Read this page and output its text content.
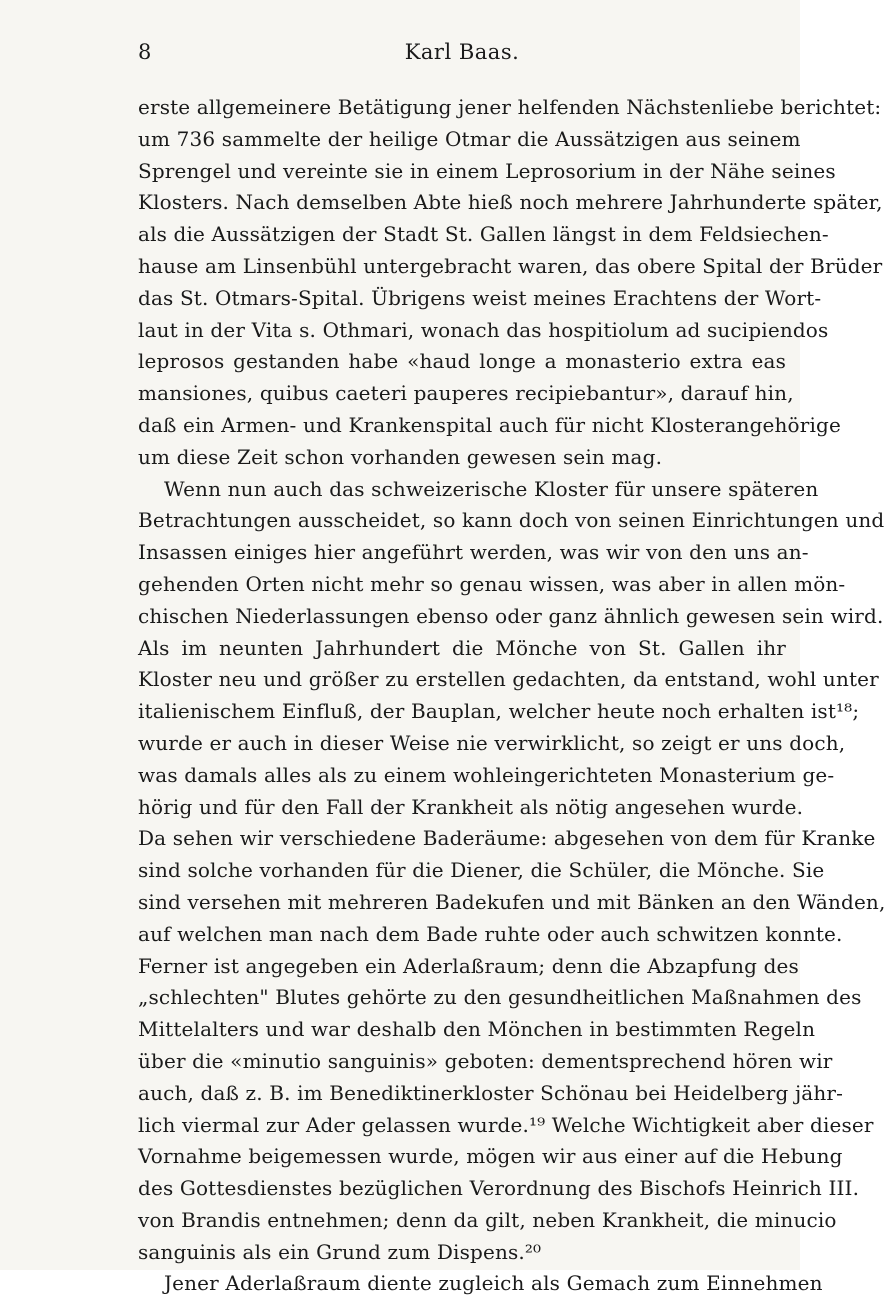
8	Karl Baas.
erste allgemeinere Betätigung jener helfenden Nächstenliebe berichtet:
um 736 sammelte der heilige Otmar die Aussätzigen aus seinem
Sprengel und vereinte sie in einem Leprosorium in der Nähe seines
Klosters. Nach demselben Abte hieß noch mehrere Jahrhunderte später,
als die Aussätzigen der Stadt St. Gallen längst in dem Feldsiechen-
hause am Linsenbühl untergebracht waren, das obere Spital der Brüder
das St. Otmars-Spital. Übrigens weist meines Erachtens der Wort-
laut in der Vita s. Othmari, wonach das hospitiolum ad sucipiendos
leprosos gestanden habe «haud longe a monasterio extra eas
mansiones, quibus caeteri pauperes recipiebantur», darauf hin,
daß ein Armen- und Krankenspital auch für nicht Klosterangehörige
um diese Zeit schon vorhanden gewesen sein mag.
Wenn nun auch das schweizerische Kloster für unsere späteren
Betrachtungen ausscheidet, so kann doch von seinen Einrichtungen und
Insassen einiges hier angeführt werden, was wir von den uns an-
gehenden Orten nicht mehr so genau wissen, was aber in allen mön-
chischen Niederlassungen ebenso oder ganz ähnlich gewesen sein wird.
Als im neunten Jahrhundert die Mönche von St. Gallen ihr
Kloster neu und größer zu erstellen gedachten, da entstand, wohl unter
italienischem Einfluß, der Bauplan, welcher heute noch erhalten ist¹⁸;
wurde er auch in dieser Weise nie verwirklicht, so zeigt er uns doch,
was damals alles als zu einem wohleingerichteten Monasterium ge-
hörig und für den Fall der Krankheit als nötig angesehen wurde.
Da sehen wir verschiedene Baderäume: abgesehen von dem für Kranke
sind solche vorhanden für die Diener, die Schüler, die Mönche. Sie
sind versehen mit mehreren Badekufen und mit Bänken an den Wänden,
auf welchen man nach dem Bade ruhte oder auch schwitzen konnte.
Ferner ist angegeben ein Aderlaßraum; denn die Abzapfung des
„schlechten" Blutes gehörte zu den gesundheitlichen Maßnahmen des
Mittelalters und war deshalb den Mönchen in bestimmten Regeln
über die «minutio sanguinis» geboten: dementsprechend hören wir
auch, daß z. B. im Benediktinerkloster Schönau bei Heidelberg jähr-
lich viermal zur Ader gelassen wurde.¹⁹ Welche Wichtigkeit aber dieser
Vornahme beigemessen wurde, mögen wir aus einer auf die Hebung
des Gottesdienstes bezüglichen Verordnung des Bischofs Heinrich III.
von Brandis entnehmen; denn da gilt, neben Krankheit, die minucio
sanguinis als ein Grund zum Dispens.²⁰
Jener Aderlaßraum diente zugleich als Gemach zum Einnehmen
